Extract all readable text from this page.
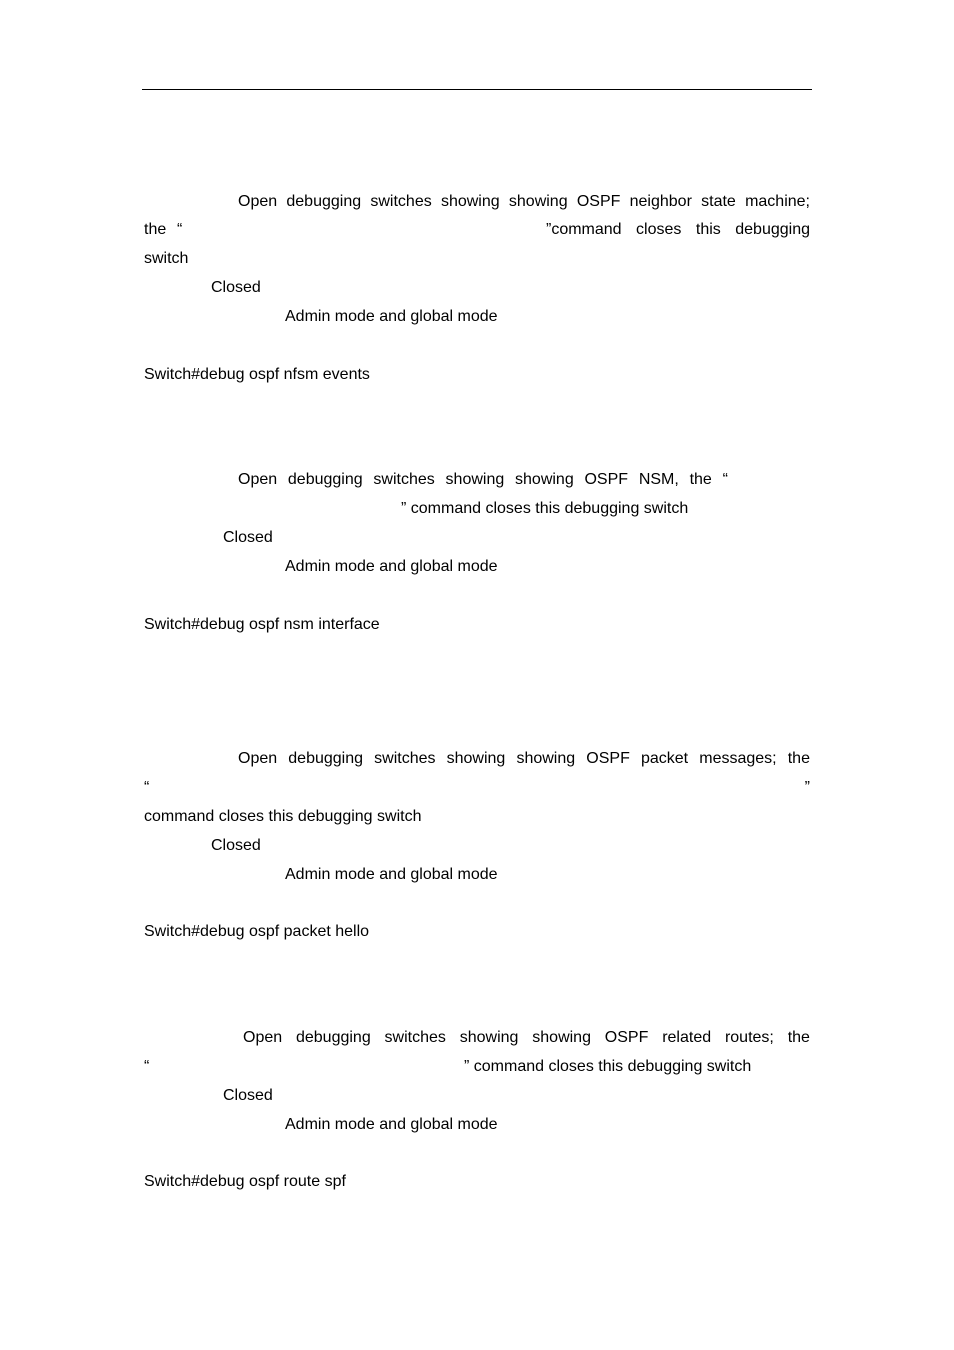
Open debugging switches showing showing OSPF neighbor state machine;
the “	”command closes this debugging
switch
Closed
Admin mode and global mode
Switch#debug ospf nfsm events
Open debugging switches showing showing OSPF NSM, the “
” command closes this debugging switch
Closed
Admin mode and global mode
Switch#debug ospf nsm interface
Open debugging switches showing showing OSPF packet messages; the
“	”
command closes this debugging switch
Closed
Admin mode and global mode
Switch#debug ospf packet hello
Open debugging switches showing showing OSPF related routes; the
“	” command closes this debugging switch
Closed
Admin mode and global mode
Switch#debug ospf route spf
